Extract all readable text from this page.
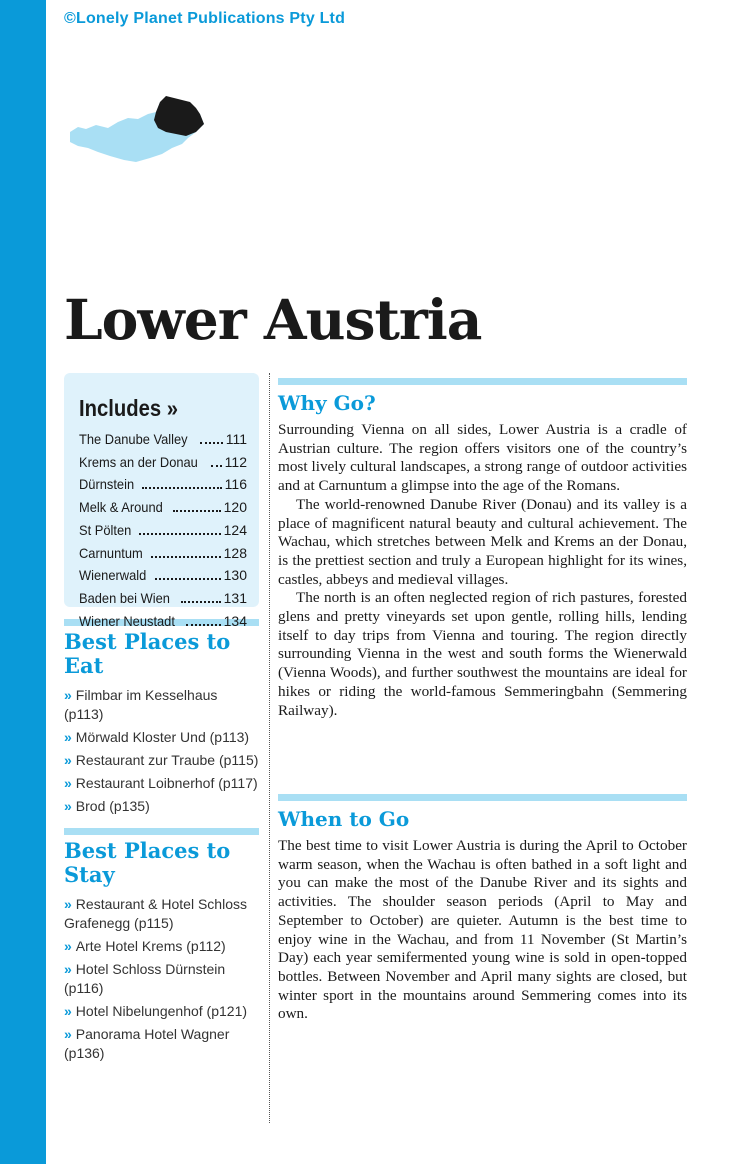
©Lonely Planet Publications Pty Ltd

Lower Austria
Includes »
The Danube Valley	111
Krems an der Donau 112
Dürnstein	116
Melk & Around	120
St Pölten	124
Carnuntum	128
Wienerwald	130
Baden bei Wien	131
Wiener Neustadt	134
Best Places to Eat
» Filmbar im Kesselhaus (p113)
» Mörwald Kloster Und (p113)
» Restaurant zur Traube (p115)
» Restaurant Loibnerhof (p117)
» Brod (p135)
Best Places to Stay
» Restaurant & Hotel Schloss Grafenegg (p115)
» Arte Hotel Krems (p112)
» Hotel Schloss Dürnstein (p116)
» Hotel Nibelungenhof (p121)
» Panorama Hotel Wagner (p136)
Why Go?

Surrounding Vienna on all sides, Lower Austria is a cradle of Austrian culture. The region offers visitors one of the country’s most lively cultural landscapes, a strong range of outdoor activities and at Carnuntum a glimpse into the age of the Romans.

The world-renowned Danube River (Donau) and its valley is a place of magnificent natural beauty and cultural achievement. The Wachau, which stretches between Melk and Krems an der Donau, is the prettiest section and truly a European highlight for its wines, castles, abbeys and medieval villages.

The north is an often neglected region of rich pastures, forested glens and pretty vineyards set upon gentle, rolling hills, lending itself to day trips from Vienna and touring. The region directly surrounding Vienna in the west and south forms the Wienerwald (Vienna Woods), and further southwest the mountains are ideal for hikes or riding the world-famous Semmeringbahn (Semmering Railway).

When to Go

The best time to visit Lower Austria is during the April to October warm season, when the Wachau is often bathed in a soft light and you can make the most of the Danube River and its sights and activities. The shoulder season periods (April to May and September to October) are quieter. Autumn is the best time to enjoy wine in the Wachau, and from 11 November (St Martin’s Day) each year semifermented young wine is sold in open-topped bottles. Between November and April many sights are closed, but winter sport in the mountains around Semmering comes into its own.
